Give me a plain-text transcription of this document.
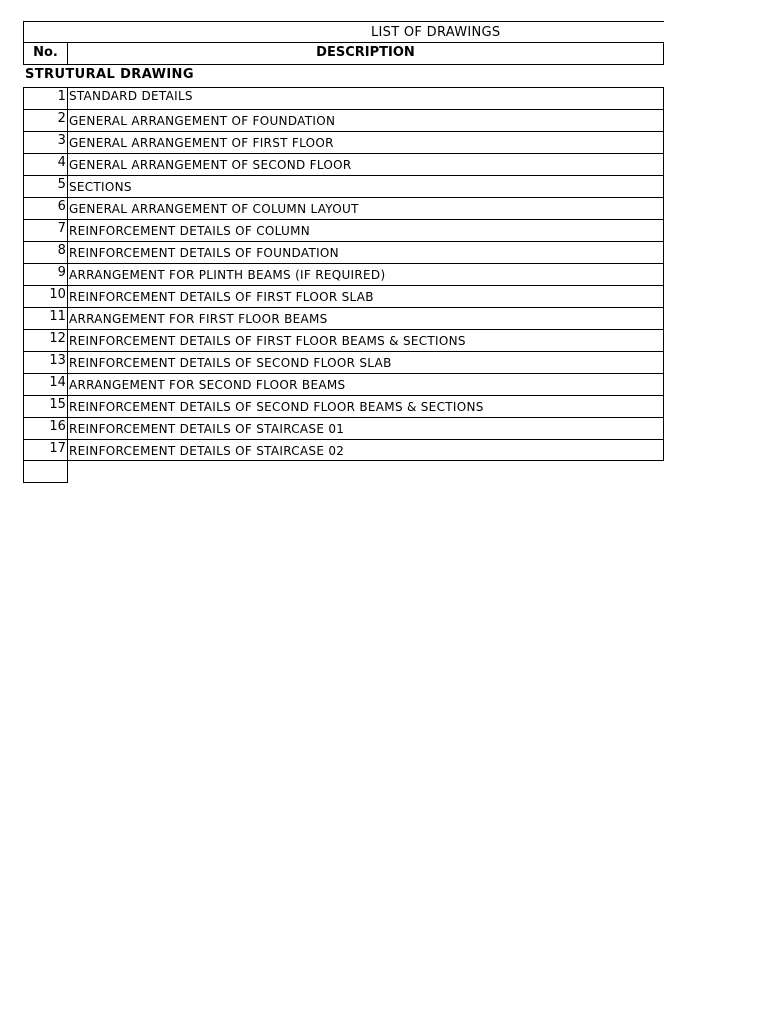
LIST OF DRAWINGS
No.	DESCRIPTION
STRUTURAL DRAWING
1 STANDARD DETAILS
2 GENERAL ARRANGEMENT OF FOUNDATION
3 GENERAL ARRANGEMENT OF FIRST FLOOR
4 GENERAL ARRANGEMENT OF SECOND FLOOR
5 SECTIONS
6 GENERAL ARRANGEMENT OF COLUMN LAYOUT
7 REINFORCEMENT DETAILS OF COLUMN
8 REINFORCEMENT DETAILS OF FOUNDATION
9 ARRANGEMENT FOR PLINTH BEAMS (IF REQUIRED)
10 REINFORCEMENT DETAILS OF FIRST FLOOR SLAB
11 ARRANGEMENT FOR FIRST FLOOR BEAMS
12 REINFORCEMENT DETAILS OF FIRST FLOOR BEAMS & SECTIONS
13 REINFORCEMENT DETAILS OF SECOND FLOOR SLAB
14 ARRANGEMENT FOR SECOND FLOOR BEAMS
15 REINFORCEMENT DETAILS OF SECOND FLOOR BEAMS & SECTIONS
16 REINFORCEMENT DETAILS OF STAIRCASE 01
17 REINFORCEMENT DETAILS OF STAIRCASE 02
